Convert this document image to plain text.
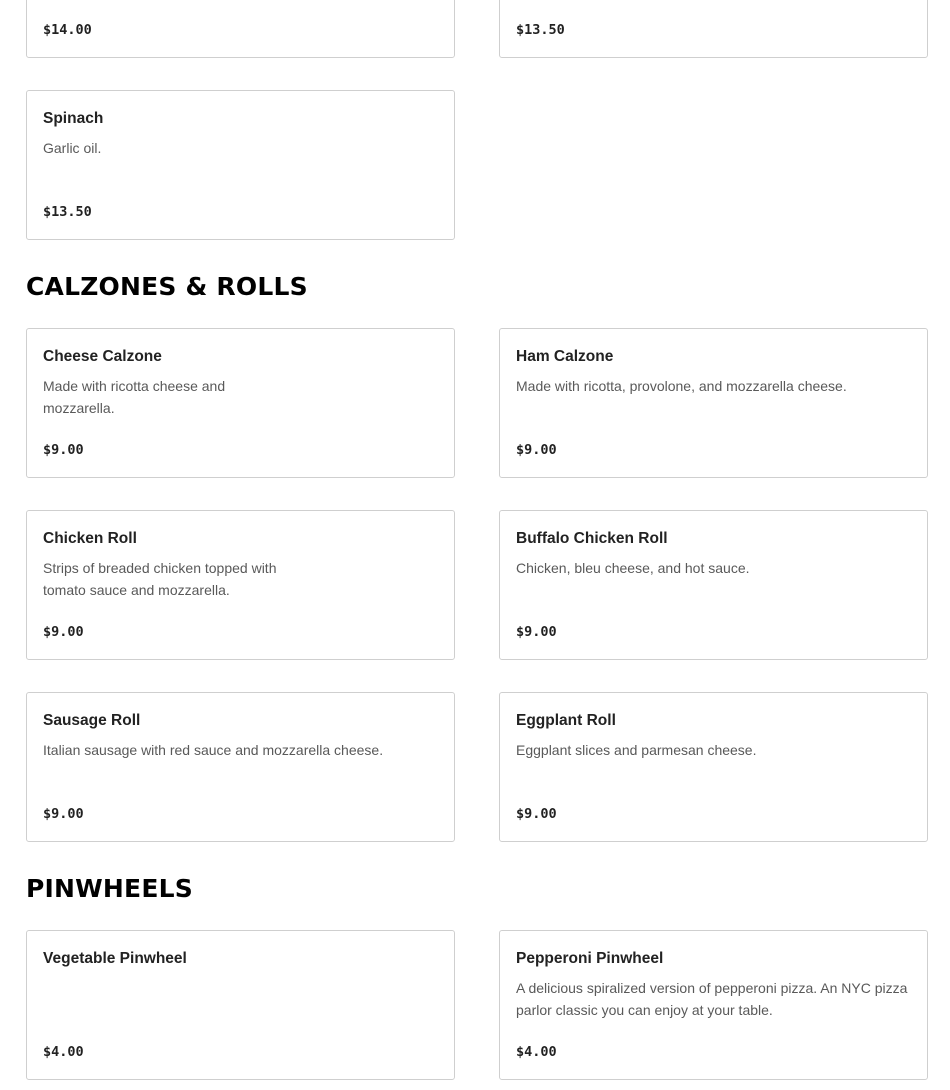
$14.00	$13.50
Spinach
Garlic oil.
$13.50
CALZONES & ROLLS
Cheese Calzone
Made with ricotta cheese and
mozzarella.
$9.00
Ham Calzone
Made with ricotta, provolone, and mozzarella cheese.
$9.00
Chicken Roll
Strips of breaded chicken topped with
tomato sauce and mozzarella.
$9.00
Buffalo Chicken Roll
Chicken, bleu cheese, and hot sauce.
$9.00
Sausage Roll
Italian sausage with red sauce and mozzarella cheese.
$9.00
Eggplant Roll
Eggplant slices and parmesan cheese.
$9.00
PINWHEELS
Vegetable Pinwheel
$4.00
Pepperoni Pinwheel
A delicious spiralized version of pepperoni pizza. An NYC pizza
parlor classic you can enjoy at your table.
$4.00
